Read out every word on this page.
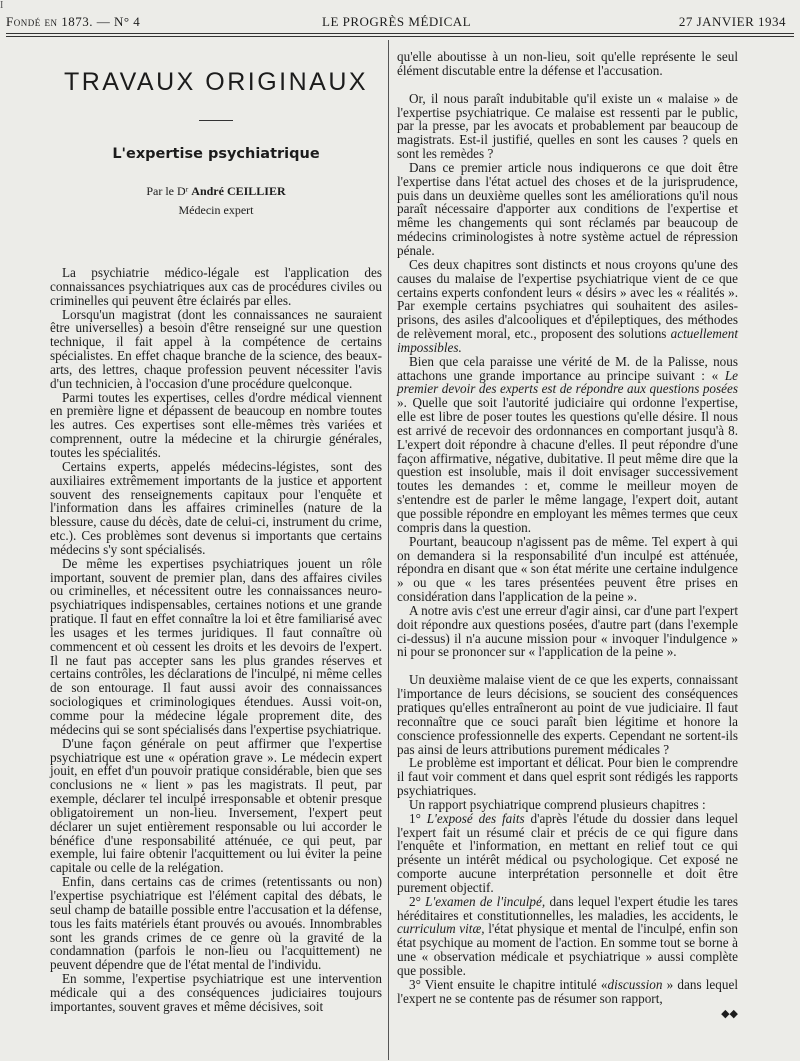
I
Fondé en 1873. — N° 4	LE PROGRÈS MÉDICAL	27 JANVIER 1934
TRAVAUX ORIGINAUX
L'expertise psychiatrique
Par le Dʳ André CEILLIER
Médecin expert

La psychiatrie médico-légale est l'application des connaissances psychiatriques aux cas de procédures civiles ou criminelles qui peuvent être éclairés par elles.

Lorsqu'un magistrat (dont les connaissances ne sauraient être universelles) a besoin d'être renseigné sur une question technique, il fait appel à la compétence de certains spécialistes. En effet chaque branche de la science, des beaux-arts, des lettres, chaque profession peuvent nécessiter l'avis d'un technicien, à l'occasion d'une procédure quelconque.

Parmi toutes les expertises, celles d'ordre médical viennent en première ligne et dépassent de beaucoup en nombre toutes les autres. Ces expertises sont elle-mêmes très variées et comprennent, outre la médecine et la chirurgie générales, toutes les spécialités.

Certains experts, appelés médecins-légistes, sont des auxiliaires extrêmement importants de la justice et apportent souvent des renseignements capitaux pour l'enquête et l'information dans les affaires criminelles (nature de la blessure, cause du décès, date de celui-ci, instrument du crime, etc.). Ces problèmes sont devenus si importants que certains médecins s'y sont spécialisés.

De même les expertises psychiatriques jouent un rôle important, souvent de premier plan, dans des affaires civiles ou criminelles, et nécessitent outre les connaissances neuro-psychiatriques indispensables, certaines notions et une grande pratique. Il faut en effet connaître la loi et être familiarisé avec les usages et les termes juridiques. Il faut connaître où commencent et où cessent les droits et les devoirs de l'expert. Il ne faut pas accepter sans les plus grandes réserves et certains contrôles, les déclarations de l'inculpé, ni même celles de son entourage. Il faut aussi avoir des connaissances sociologiques et criminologiques étendues. Aussi voit-on, comme pour la médecine légale proprement dite, des médecins qui se sont spécialisés dans l'expertise psychiatrique.

D'une façon générale on peut affirmer que l'expertise psychiatrique est une « opération grave ». Le médecin expert jouit, en effet d'un pouvoir pratique considérable, bien que ses conclusions ne « lient » pas les magistrats. Il peut, par exemple, déclarer tel inculpé irresponsable et obtenir presque obligatoirement un non-lieu. Inversement, l'expert peut déclarer un sujet entièrement responsable ou lui accorder le bénéfice d'une responsabilité atténuée, ce qui peut, par exemple, lui faire obtenir l'acquittement ou lui éviter la peine capitale ou celle de la relégation.

Enfin, dans certains cas de crimes (retentissants ou non) l'expertise psychiatrique est l'élément capital des débats, le seul champ de bataille possible entre l'accusation et la défense, tous les faits matériels étant prouvés ou avoués. Innombrables sont les grands crimes de ce genre où la gravité de la condamnation (parfois le non-lieu ou l'acquittement) ne peuvent dépendre que de l'état mental de l'individu.

En somme, l'expertise psychiatrique est une intervention médicale qui a des conséquences judiciaires toujours importantes, souvent graves et même décisives, soit

qu'elle aboutisse à un non-lieu, soit qu'elle représente le seul élément discutable entre la défense et l'accusation.

Or, il nous paraît indubitable qu'il existe un « malaise » de l'expertise psychiatrique. Ce malaise est ressenti par le public, par la presse, par les avocats et probablement par beaucoup de magistrats. Est-il justifié, quelles en sont les causes ? quels en sont les remèdes ?

Dans ce premier article nous indiquerons ce que doit être l'expertise dans l'état actuel des choses et de la jurisprudence, puis dans un deuxième quelles sont les améliorations qu'il nous paraît nécessaire d'apporter aux conditions de l'expertise et même les changements qui sont réclamés par beaucoup de médecins criminologistes à notre système actuel de répression pénale.

Ces deux chapitres sont distincts et nous croyons qu'une des causes du malaise de l'expertise psychiatrique vient de ce que certains experts confondent leurs « désirs » avec les « réalités ». Par exemple certains psychiatres qui souhaitent des asiles-prisons, des asiles d'alcooliques et d'épileptiques, des méthodes de relèvement moral, etc., proposent des solutions actuellement impossibles.

Bien que cela paraisse une vérité de M. de la Palisse, nous attachons une grande importance au principe suivant : « Le premier devoir des experts est de répondre aux questions posées ». Quelle que soit l'autorité judiciaire qui ordonne l'expertise, elle est libre de poser toutes les questions qu'elle désire. Il nous est arrivé de recevoir des ordonnances en comportant jusqu'à 8. L'expert doit répondre à chacune d'elles. Il peut répondre d'une façon affirmative, négative, dubitative. Il peut même dire que la question est insoluble, mais il doit envisager successivement toutes les demandes : et, comme le meilleur moyen de s'entendre est de parler le même langage, l'expert doit, autant que possible répondre en employant les mêmes termes que ceux compris dans la question.

Pourtant, beaucoup n'agissent pas de même. Tel expert à qui on demandera si la responsabilité d'un inculpé est atténuée, répondra en disant que « son état mérite une certaine indulgence » ou que « les tares présentées peuvent être prises en considération dans l'application de la peine ».

A notre avis c'est une erreur d'agir ainsi, car d'une part l'expert doit répondre aux questions posées, d'autre part (dans l'exemple ci-dessus) il n'a aucune mission pour « invoquer l'indulgence » ni pour se prononcer sur « l'application de la peine ».

Un deuxième malaise vient de ce que les experts, connaissant l'importance de leurs décisions, se soucient des conséquences pratiques qu'elles entraîneront au point de vue judiciaire. Il faut reconnaître que ce souci paraît bien légitime et honore la conscience professionnelle des experts. Cependant ne sortent-ils pas ainsi de leurs attributions purement médicales ?

Le problème est important et délicat. Pour bien le comprendre il faut voir comment et dans quel esprit sont rédigés les rapports psychiatriques.

Un rapport psychiatrique comprend plusieurs chapitres :

1° L'exposé des faits d'après l'étude du dossier dans lequel l'expert fait un résumé clair et précis de ce qui figure dans l'enquête et l'information, en mettant en relief tout ce qui présente un intérêt médical ou psychologique. Cet exposé ne comporte aucune interprétation personnelle et doit être purement objectif.

2° L'examen de l'inculpé, dans lequel l'expert étudie les tares héréditaires et constitutionnelles, les maladies, les accidents, le curriculum vitæ, l'état physique et mental de l'inculpé, enfin son état psychique au moment de l'action. En somme tout se borne à une « observation médicale et psychiatrique » aussi complète que possible.

3° Vient ensuite le chapitre intitulé «discussion » dans lequel l'expert ne se contente pas de résumer son rapport,

◆◆
